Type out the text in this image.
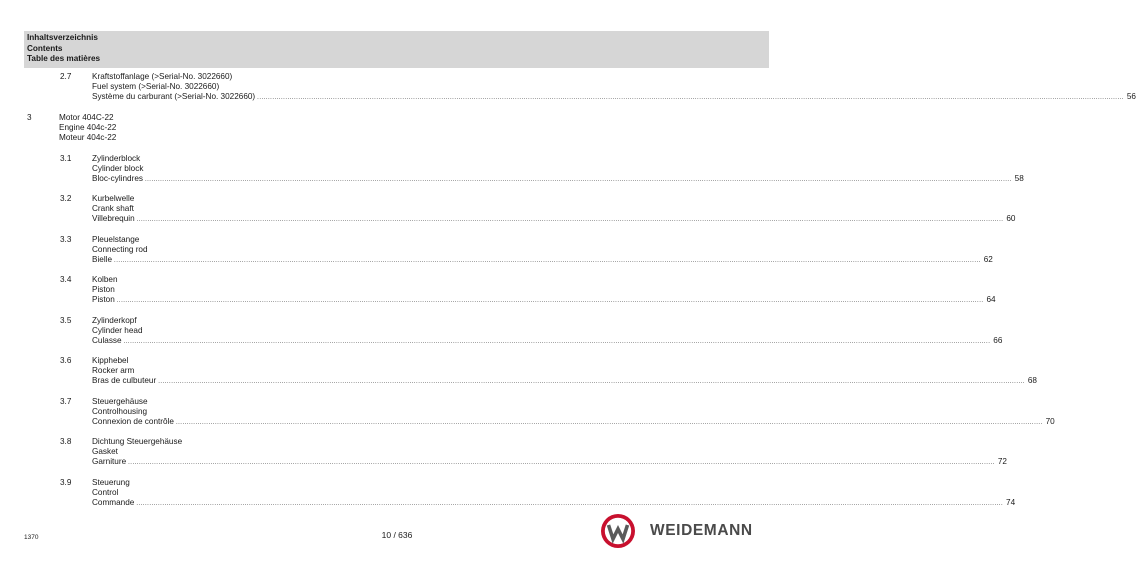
Inhaltsverzeichnis
Contents
Table des matières
2.7	Kraftstoffanlage (>Serial-No. 3022660)
Fuel system (>Serial-No. 3022660)
Système du carburant (>Serial-No. 3022660) ................................................................................................................................................................................................................................................................................................................................................................................................................ 56
3	Motor 404C-22
Engine 404c-22
Moteur 404c-22
3.1	Zylinderblock
Cylinder block
Bloc-cylindres ................................................................................................................................................................................................................................................................................................................................................................................................................ 58
3.2	Kurbelwelle
Crank shaft
Villebrequin ................................................................................................................................................................................................................................................................................................................................................................................................................ 60
3.3	Pleuelstange
Connecting rod
Bielle ................................................................................................................................................................................................................................................................................................................................................................................................................ 62
3.4	Kolben
Piston
Piston ................................................................................................................................................................................................................................................................................................................................................................................................................ 64
3.5	Zylinderkopf
Cylinder head
Culasse ................................................................................................................................................................................................................................................................................................................................................................................................................ 66
3.6	Kipphebel
Rocker arm
Bras de culbuteur ................................................................................................................................................................................................................................................................................................................................................................................................................ 68
3.7	Steuergehäuse
Controlhousing
Connexion de contrôle ................................................................................................................................................................................................................................................................................................................................................................................................................ 70
3.8	Dichtung Steuergehäuse
Gasket
Garniture ................................................................................................................................................................................................................................................................................................................................................................................................................ 72
3.9	Steuerung
Control
Commande ................................................................................................................................................................................................................................................................................................................................................................................................................ 74
1370	10 / 636	WEIDEMANN
